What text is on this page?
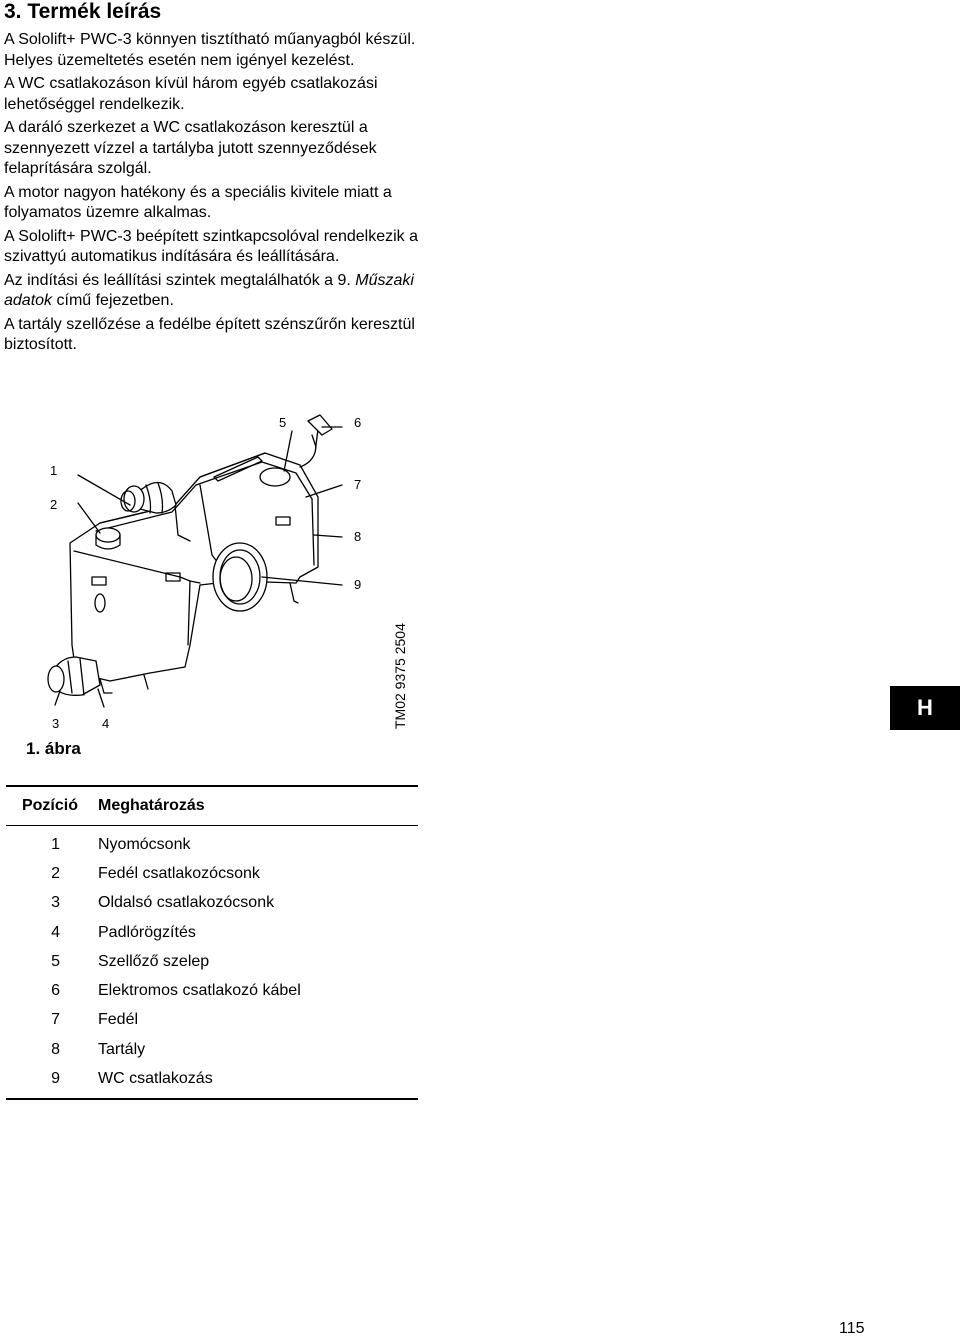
3. Termék leírás

A Sololift+ PWC-3 könnyen tisztítható műanyagból készül. Helyes üzemeltetés esetén nem igényel kezelést.

A WC csatlakozáson kívül három egyéb csatlakozási lehetőséggel rendelkezik.

A daráló szerkezet a WC csatlakozáson keresztül a szennyezett vízzel a tartályba jutott szennyeződések felaprítására szolgál.

A motor nagyon hatékony és a speciális kivitele miatt a folyamatos üzemre alkalmas.

A Sololift+ PWC-3 beépített szintkapcsolóval rendelkezik a szivattyú automatikus indítására és leállítására.

Az indítási és leállítási szintek megtalálhatók a 9. Műszaki adatok című fejezetben.

A tartály szellőzése a fedélbe épített szénszűrőn keresztül biztosított.

1
2
3	4
5	6
7
8
9
TM02 9375 2504

1. ábra

H
Pozíció	Meghatározás
1	Nyomócsonk
2	Fedél csatlakozócsonk
3	Oldalsó csatlakozócsonk
4	Padlórögzítés
5	Szellőző szelep
6	Elektromos csatlakozó kábel
7	Fedél
8	Tartály
9	WC csatlakozás
115
